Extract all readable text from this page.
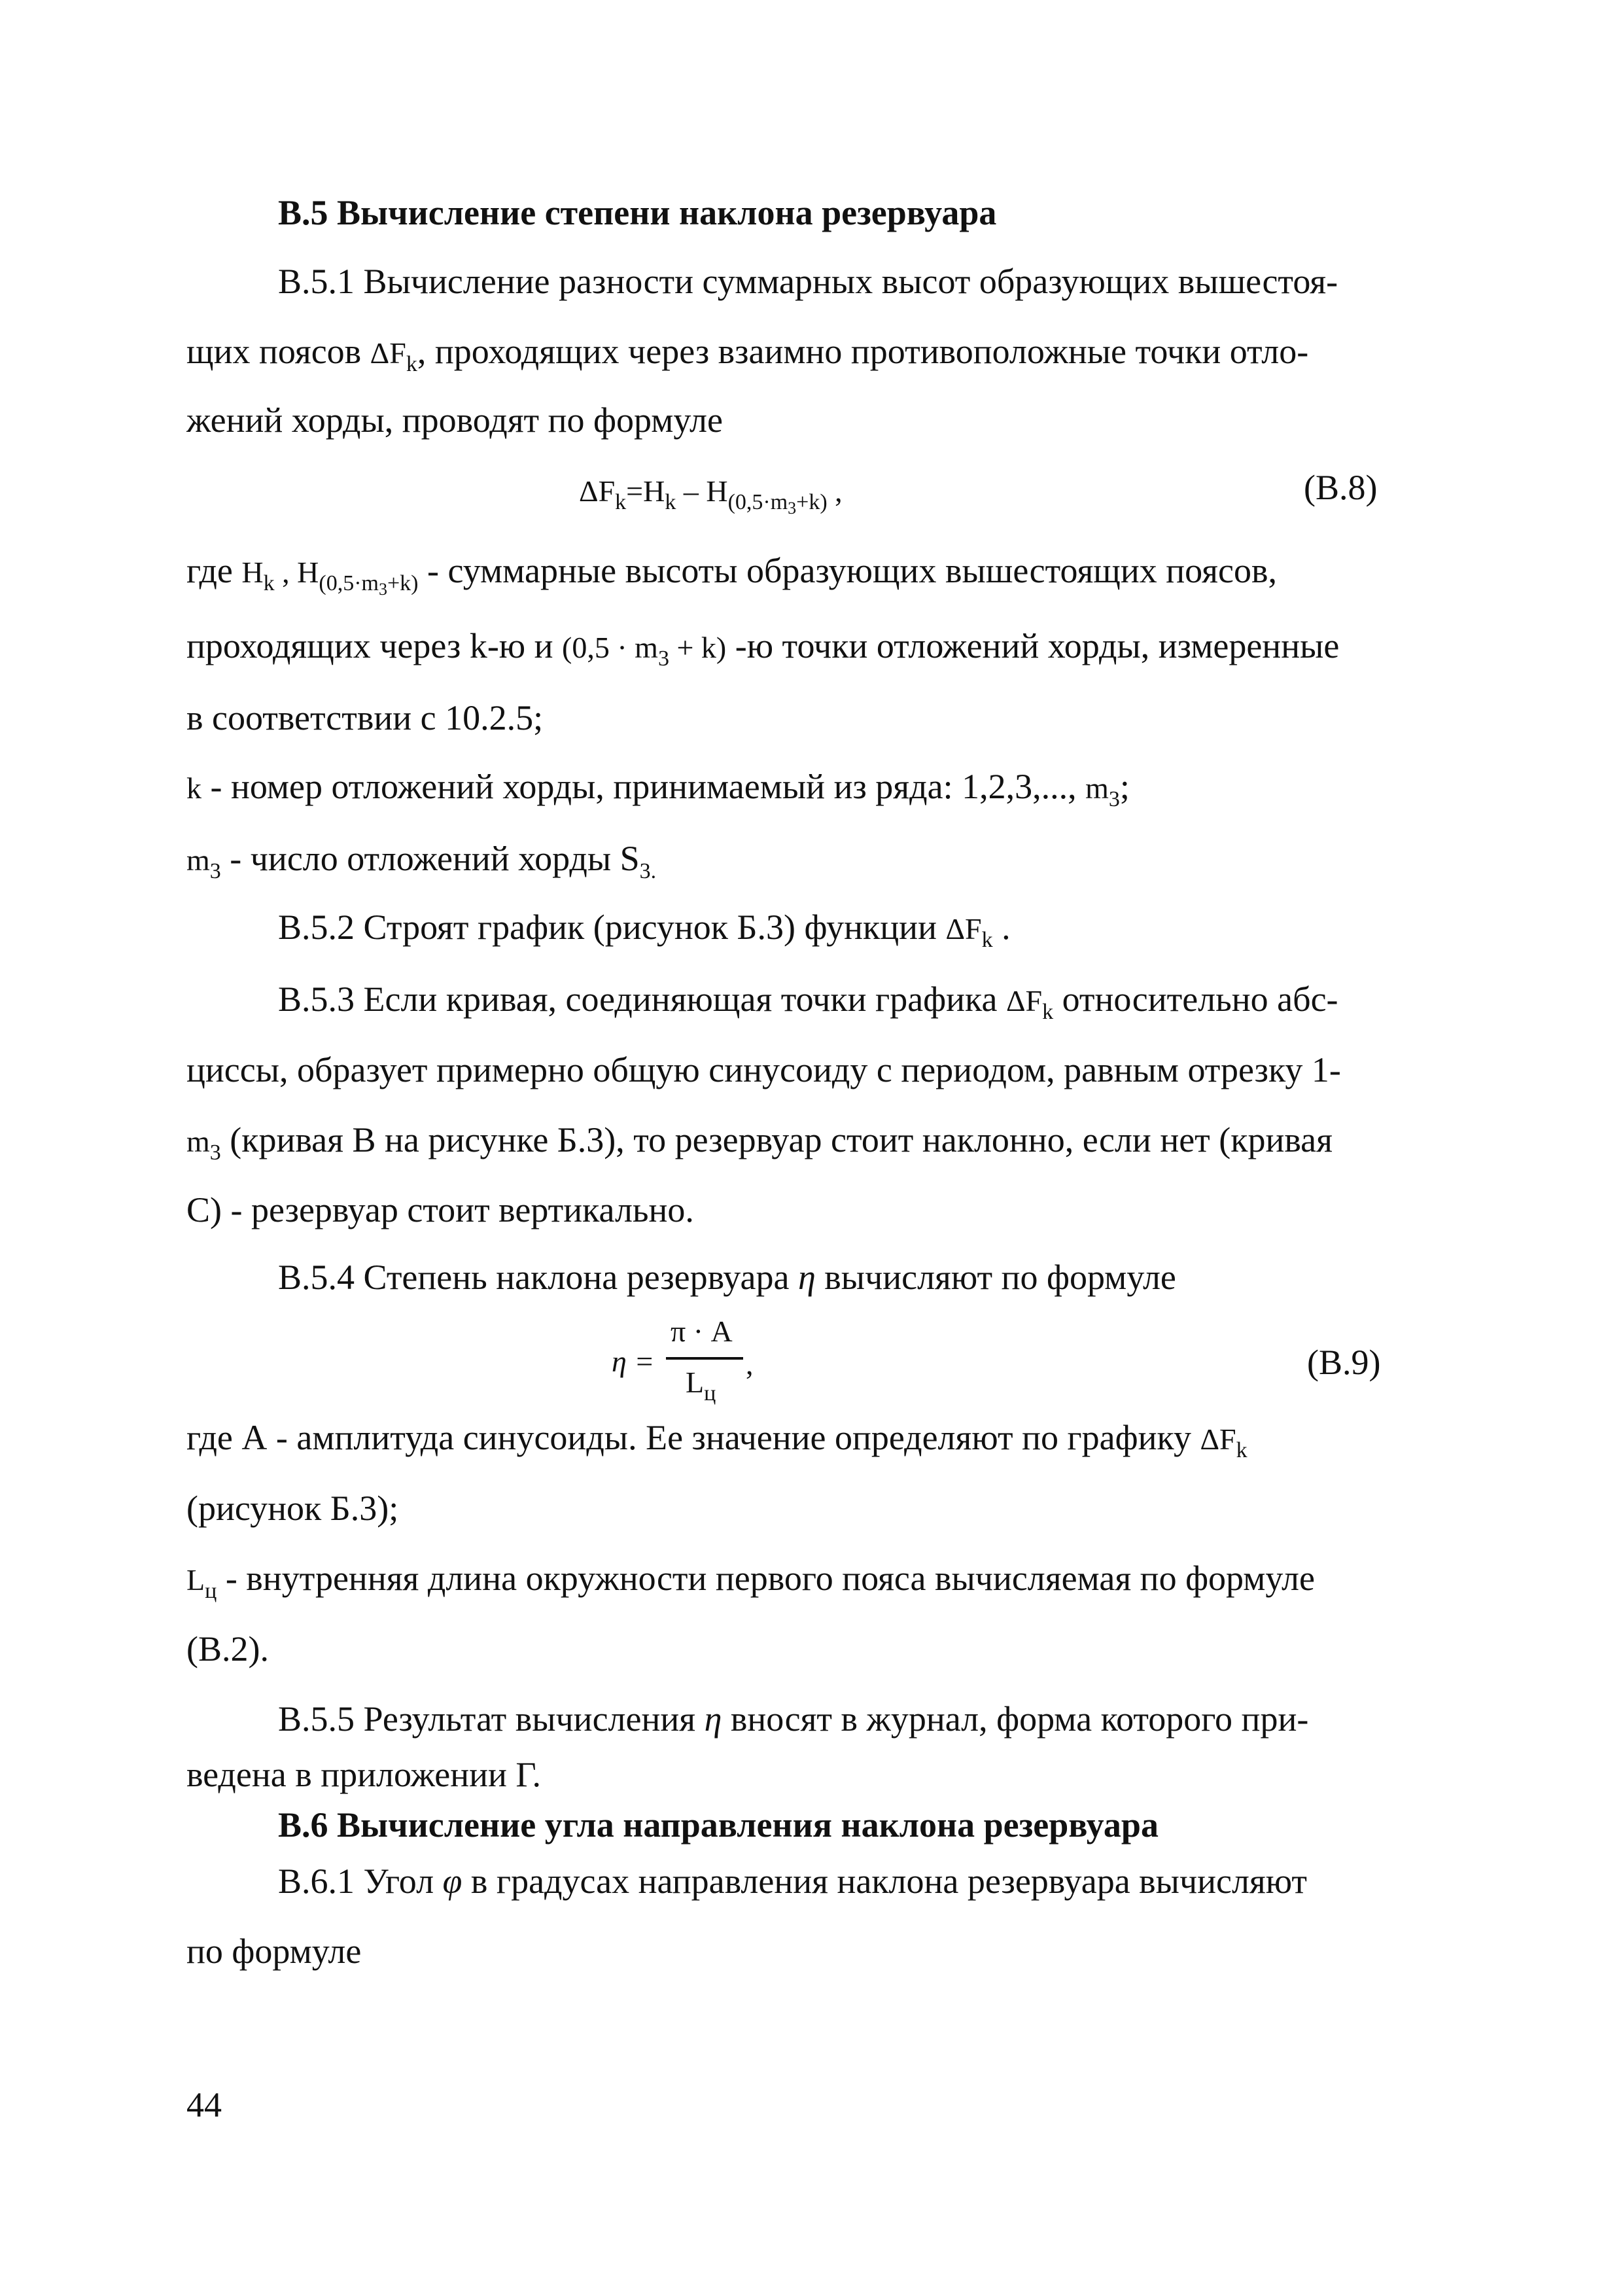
В.5 Вычисление степени наклона резервуара
В.5.1 Вычисление разности суммарных высот образующих вышестоя-
щих поясов $\Delta F_k$, проходящих через взаимно противоположные точки отло-
жений хорды, проводят по формуле
$\Delta F_k=H_k - H_{(0,5\cdot m_3+k)}$ ,	(В.8)
где $H_k$ , $H_{(0,5\cdot m_3+k)}$ - суммарные высоты образующих вышестоящих поясов,
проходящих через k-ю и $(0,5 \cdot m_3 + k)$ -ю точки отложений хорды, измеренные
в соответствии с 10.2.5;
k - номер отложений хорды, принимаемый из ряда: 1,2,3,..., $m_3$;
$m_3$ - число отложений хорды $S_{3.}$
В.5.2 Строят график (рисунок Б.3) функции $\Delta F_k$ .
В.5.3 Если кривая, соединяющая точки графика $\Delta F_k$ относительно абс-
циссы, образует примерно общую синусоиду с периодом, равным отрезку 1-
$m_3$ (кривая В на рисунке Б.3), то резервуар стоит наклонно, если нет (кривая
С) - резервуар стоит вертикально.
В.5.4 Степень наклона резервуара η вычисляют по формуле
η =
π · A
$L_ц$
,	(В.9)
где А - амплитуда синусоиды. Ее значение определяют по графику $\Delta F_k$
(рисунок Б.3);
$L_ц$ - внутренняя длина окружности первого пояса вычисляемая по формуле
(В.2).
В.5.5 Результат вычисления η вносят в журнал, форма которого при-
ведена в приложении Г.
В.6 Вычисление угла направления наклона резервуара
В.6.1 Угол φ в градусах направления наклона резервуара вычисляют
по формуле
44
